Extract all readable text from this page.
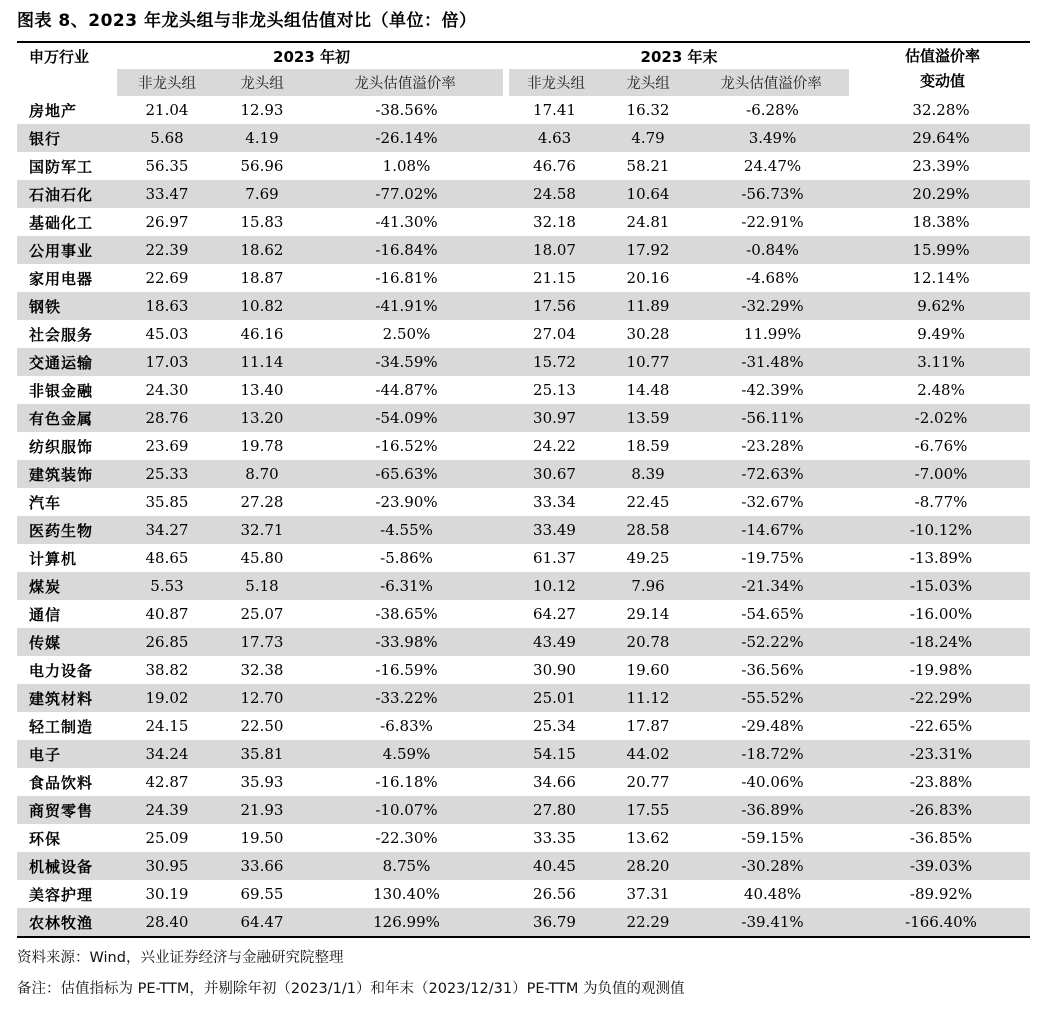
图表 8、2023 年龙头组与非龙头组估值对比（单位：倍）
申万行业	2023 年初			2023 年末			估值溢价率
变动值

	非龙头组	龙头组	龙头估值溢价率	非龙头组	龙头组	龙头估值溢价率	
房地产	21.04	12.93	-38.56%	17.41	16.32	-6.28%	32.28%
银行	5.68	4.19	-26.14%	4.63	4.79	3.49%	29.64%
国防军工	56.35	56.96	1.08%	46.76	58.21	24.47%	23.39%
石油石化	33.47	7.69	-77.02%	24.58	10.64	-56.73%	20.29%
基础化工	26.97	15.83	-41.30%	32.18	24.81	-22.91%	18.38%
公用事业	22.39	18.62	-16.84%	18.07	17.92	-0.84%	15.99%
家用电器	22.69	18.87	-16.81%	21.15	20.16	-4.68%	12.14%
钢铁	18.63	10.82	-41.91%	17.56	11.89	-32.29%	9.62%
社会服务	45.03	46.16	2.50%	27.04	30.28	11.99%	9.49%
交通运输	17.03	11.14	-34.59%	15.72	10.77	-31.48%	3.11%
非银金融	24.30	13.40	-44.87%	25.13	14.48	-42.39%	2.48%
有色金属	28.76	13.20	-54.09%	30.97	13.59	-56.11%	-2.02%
纺织服饰	23.69	19.78	-16.52%	24.22	18.59	-23.28%	-6.76%
建筑装饰	25.33	8.70	-65.63%	30.67	8.39	-72.63%	-7.00%
汽车	35.85	27.28	-23.90%	33.34	22.45	-32.67%	-8.77%
医药生物	34.27	32.71	-4.55%	33.49	28.58	-14.67%	-10.12%
计算机	48.65	45.80	-5.86%	61.37	49.25	-19.75%	-13.89%
煤炭	5.53	5.18	-6.31%	10.12	7.96	-21.34%	-15.03%
通信	40.87	25.07	-38.65%	64.27	29.14	-54.65%	-16.00%
传媒	26.85	17.73	-33.98%	43.49	20.78	-52.22%	-18.24%
电力设备	38.82	32.38	-16.59%	30.90	19.60	-36.56%	-19.98%
建筑材料	19.02	12.70	-33.22%	25.01	11.12	-55.52%	-22.29%
轻工制造	24.15	22.50	-6.83%	25.34	17.87	-29.48%	-22.65%
电子	34.24	35.81	4.59%	54.15	44.02	-18.72%	-23.31%
食品饮料	42.87	35.93	-16.18%	34.66	20.77	-40.06%	-23.88%
商贸零售	24.39	21.93	-10.07%	27.80	17.55	-36.89%	-26.83%
环保	25.09	19.50	-22.30%	33.35	13.62	-59.15%	-36.85%
机械设备	30.95	33.66	8.75%	40.45	28.20	-30.28%	-39.03%
美容护理	30.19	69.55	130.40%	26.56	37.31	40.48%	-89.92%
农林牧渔	28.40	64.47	126.99%	36.79	22.29	-39.41%	-166.40%
资料来源：Wind，兴业证券经济与金融研究院整理
备注：估值指标为 PE-TTM，并剔除年初（2023/1/1）和年末（2023/12/31）PE-TTM 为负值的观测值
